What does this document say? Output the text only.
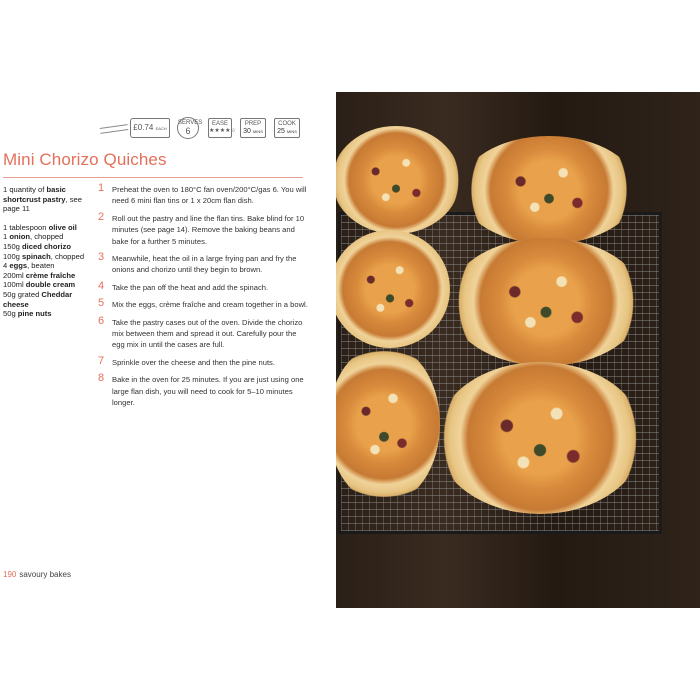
£0.74 EACH
SERVES
6
EASE
★★★★☆
PREP
30 MINS
COOK
25 MINS
Mini Chorizo Quiches

1 quantity of basic shortcrust pastry, see page 11

1 tablespoon olive oil

1 onion, chopped

150g diced chorizo

100g spinach, chopped

4 eggs, beaten

200ml crème fraîche

100ml double cream

50g grated Cheddar cheese

50g pine nuts

1 Preheat the oven to 180°C fan oven/200°C/gas 6. You will need 6 mini flan tins or 1 x 20cm flan dish.
2 Roll out the pastry and line the flan tins. Bake blind for 10 minutes (see page 14). Remove the baking beans and bake for a further 5 minutes.
3 Meanwhile, heat the oil in a large frying pan and fry the onions and chorizo until they begin to brown.
4 Take the pan off the heat and add the spinach.
5 Mix the eggs, crème fraîche and cream together in a bowl.
6 Take the pastry cases out of the oven. Divide the chorizo mix between them and spread it out. Carefully pour the egg mix in until the cases are full.
7 Sprinkle over the cheese and then the pine nuts.
8 Bake in the oven for 25 minutes. If you are just using one large flan dish, you will need to cook for 5–10 minutes longer.
190 savoury bakes
